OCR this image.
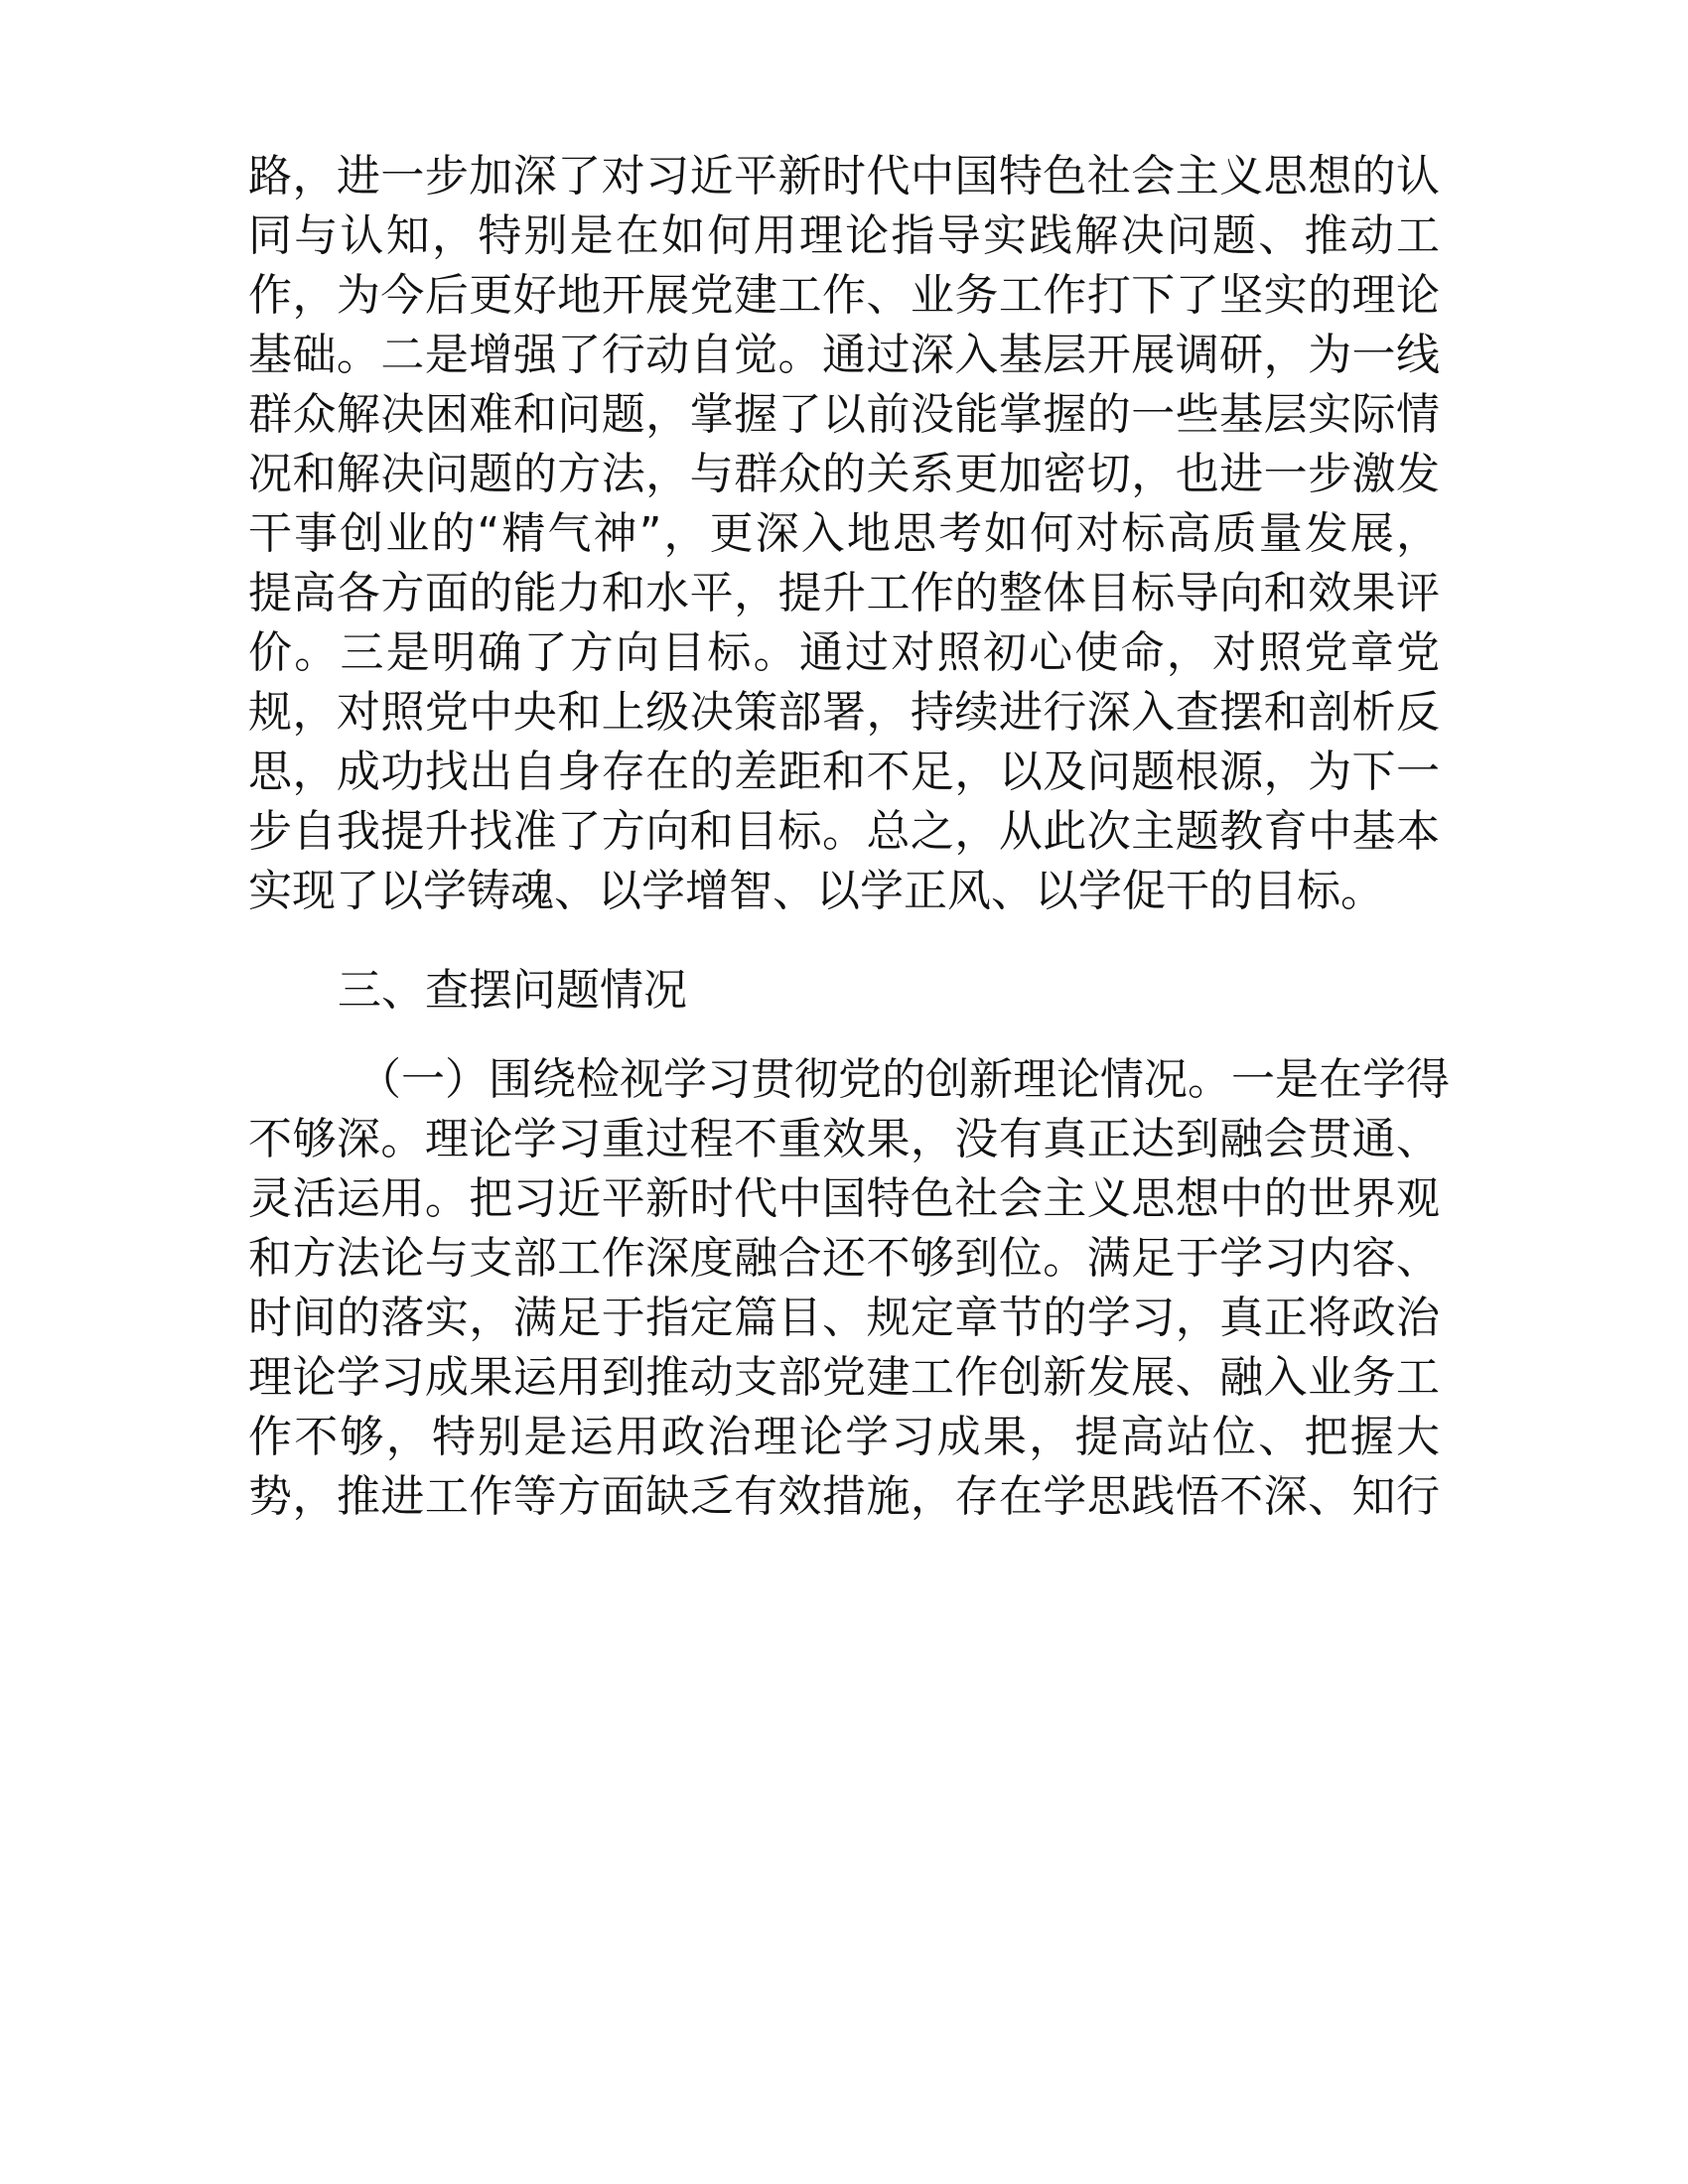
路，进一步加深了对习近平新时代中国特色社会主义思想的认
同与认知，特别是在如何用理论指导实践解决问题、推动工
作，为今后更好地开展党建工作、业务工作打下了坚实的理论
基础。二是增强了行动自觉。通过深入基层开展调研，为一线
群众解决困难和问题，掌握了以前没能掌握的一些基层实际情
况和解决问题的方法，与群众的关系更加密切，也进一步激发
干事创业的“精气神”，更深入地思考如何对标高质量发展，
提高各方面的能力和水平，提升工作的整体目标导向和效果评
价。三是明确了方向目标。通过对照初心使命，对照党章党
规，对照党中央和上级决策部署，持续进行深入查摆和剖析反
思，成功找出自身存在的差距和不足，以及问题根源，为下一
步自我提升找准了方向和目标。总之，从此次主题教育中基本
实现了以学铸魂、以学增智、以学正风、以学促干的目标。
三、查摆问题情况
（一）围绕检视学习贯彻党的创新理论情况。一是在学得
不够深。理论学习重过程不重效果，没有真正达到融会贯通、
灵活运用。把习近平新时代中国特色社会主义思想中的世界观
和方法论与支部工作深度融合还不够到位。满足于学习内容、
时间的落实，满足于指定篇目、规定章节的学习，真正将政治
理论学习成果运用到推动支部党建工作创新发展、融入业务工
作不够，特别是运用政治理论学习成果，提高站位、把握大
势，推进工作等方面缺乏有效措施，存在学思践悟不深、知行
